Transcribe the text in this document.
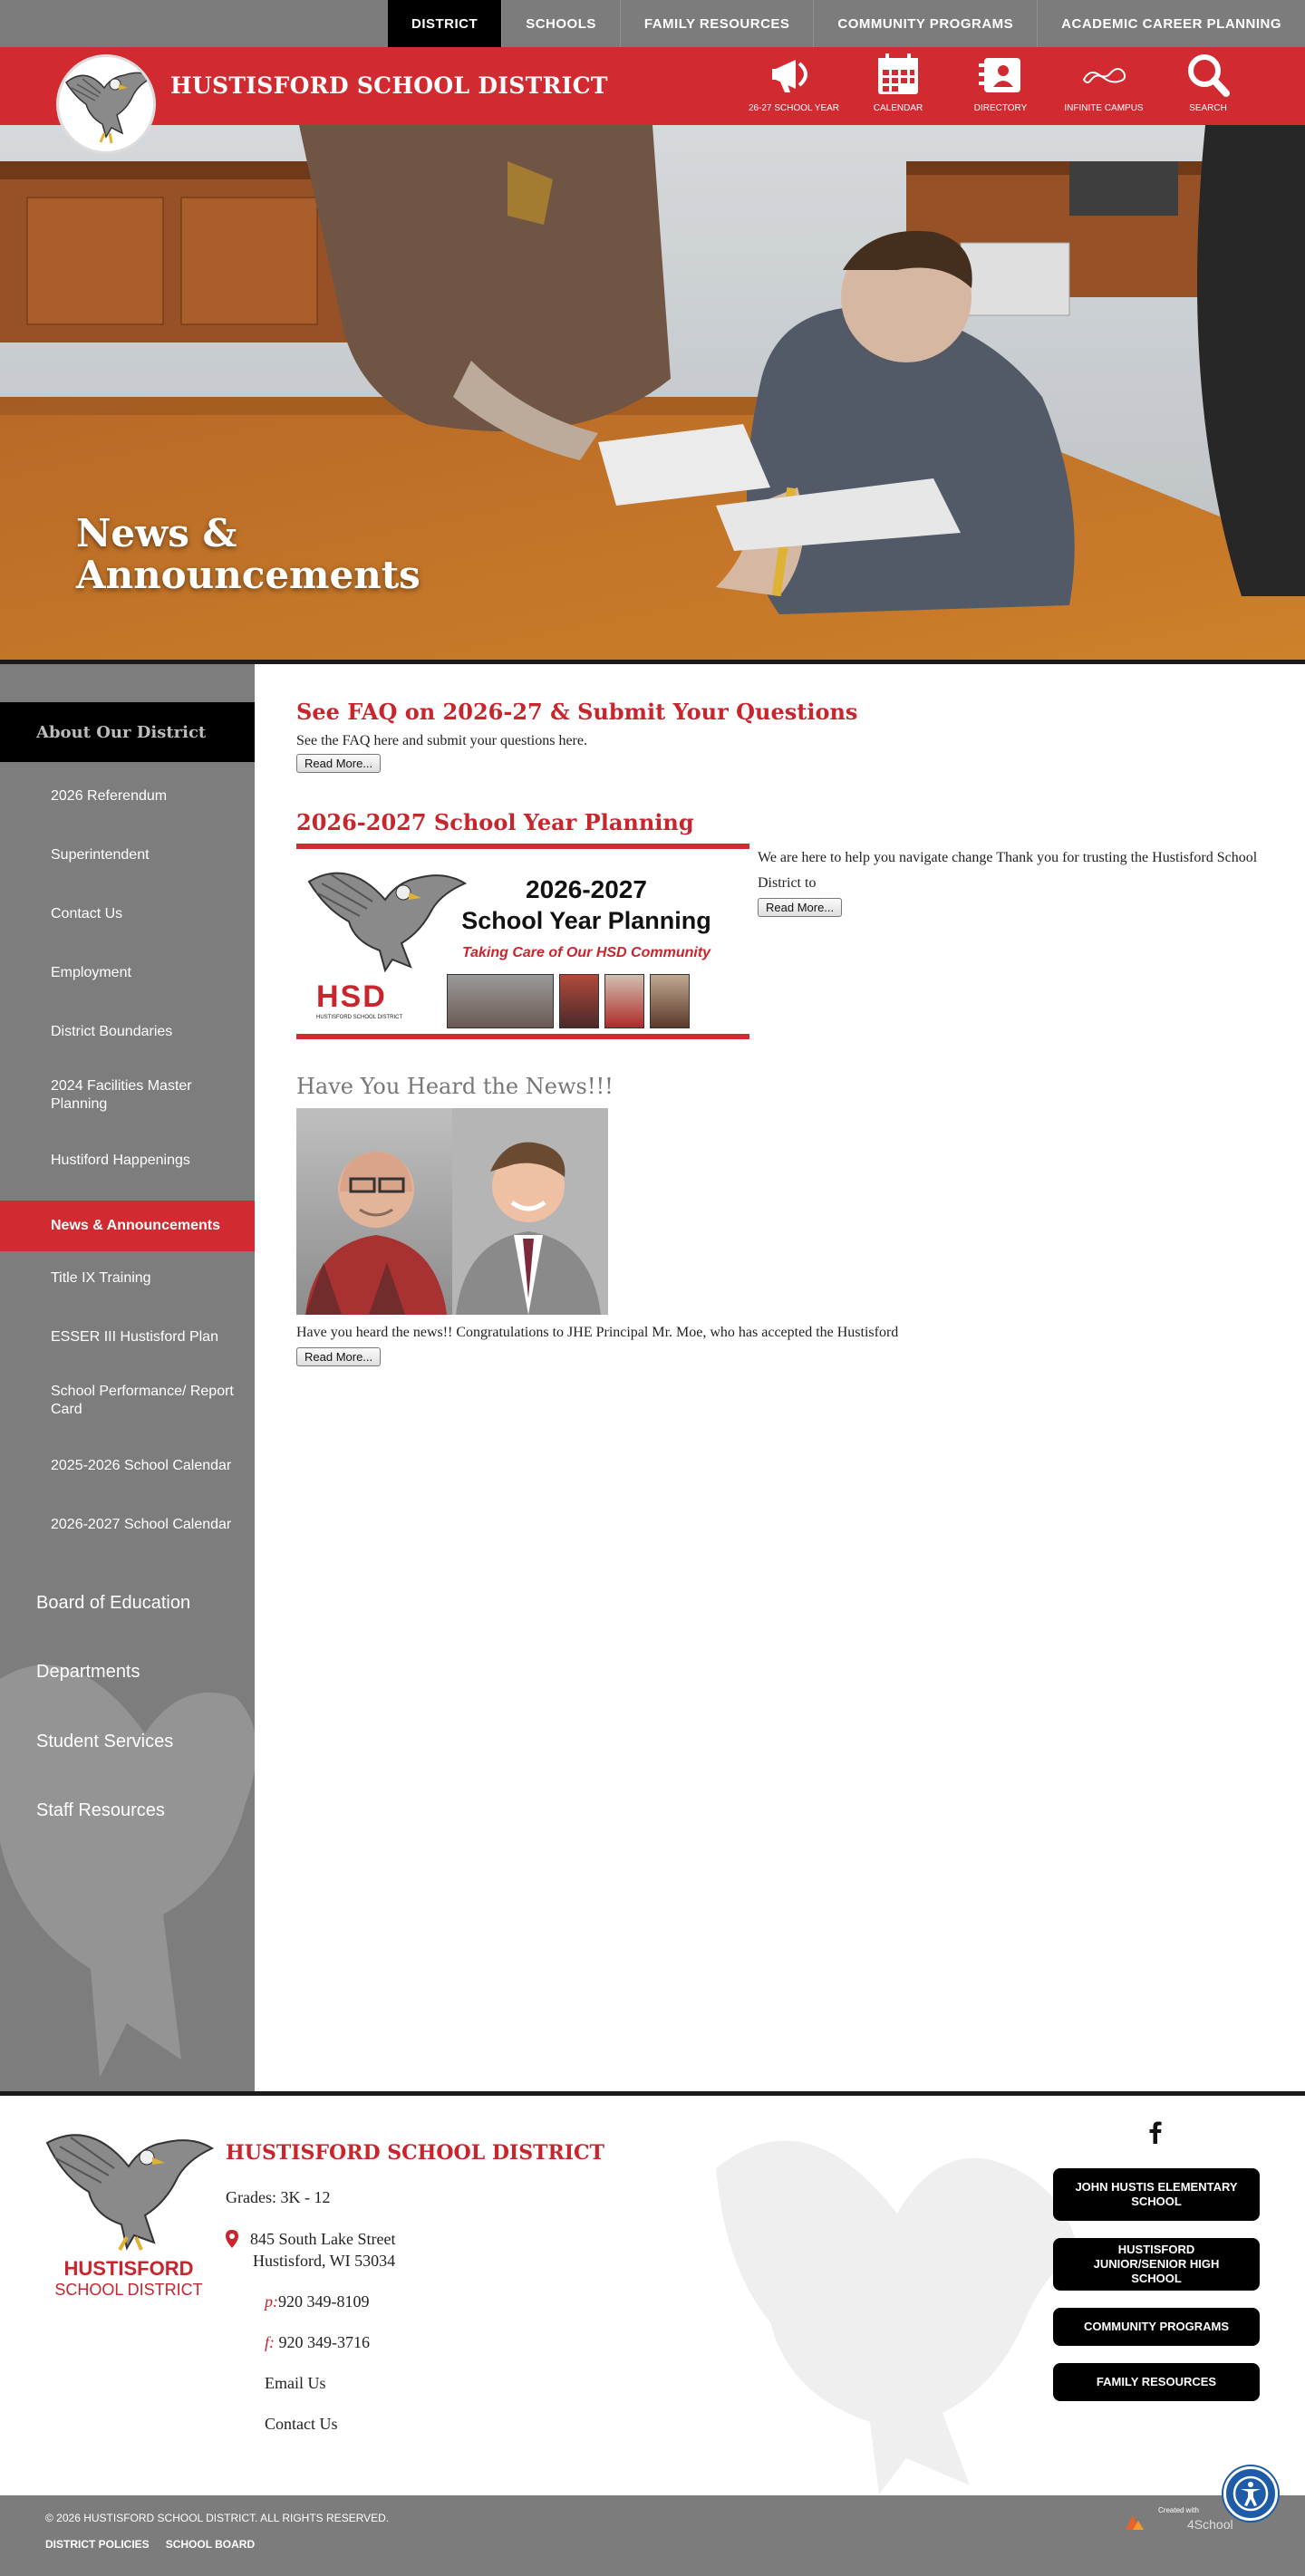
DISTRICT	SCHOOLS	FAMILY RESOURCES	COMMUNITY PROGRAMS	ACADEMIC CAREER PLANNING
HUSTISFORD SCHOOL DISTRICT
26-27 SCHOOL YEAR	CALENDAR	DIRECTORY	INFINITE CAMPUS	SEARCH
News &
Announcements
About Our District
2026 Referendum
Superintendent
Contact Us
Employment
District Boundaries
2024 Facilities Master Planning
Hustiford Happenings
News & Announcements
Title IX Training
ESSER III Hustisford Plan
School Performance/ Report Card
2025-2026 School Calendar
2026-2027 School Calendar
Board of Education
Departments
Student Services
Staff Resources
See FAQ on 2026-27 & Submit Your Questions

See the FAQ here and submit your questions here.

Read More...
2026-2027 School Year Planning
2026-2027
School Year Planning
Taking Care of Our HSD Community
HSD
HUSTISFORD SCHOOL DISTRICT

We are here to help you navigate change Thank you for trusting the Hustisford School District to

Read More...
Have You Heard the News!!!

Have you heard the news!! Congratulations to JHE Principal Mr. Moe, who has accepted the Hustisford

Read More...
HUSTISFORD
SCHOOL DISTRICT
HUSTISFORD SCHOOL DISTRICT
Grades: 3K - 12
845 South Lake Street
Hustisford, WI 53034
p:920 349-8109
f: 920 349-3716
Email Us
Contact Us
JOHN HUSTIS ELEMENTARY SCHOOL
HUSTISFORD JUNIOR/SENIOR HIGH SCHOOL
COMMUNITY PROGRAMS
FAMILY RESOURCES
© 2026 HUSTISFORD SCHOOL DISTRICT. ALL RIGHTS RESERVED.
DISTRICT POLICIES SCHOOL BOARD
Created with
4School
